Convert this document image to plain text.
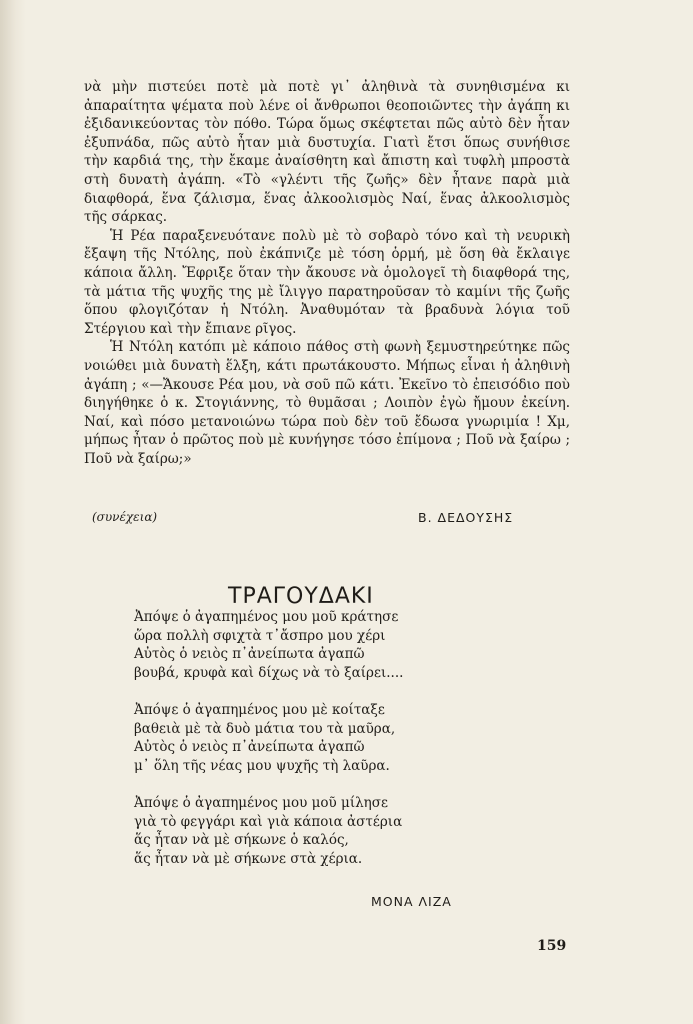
νὰ μὴν πιστεύει ποτὲ μὰ ποτὲ γι᾿ ἀληθινὰ τὰ συνηθισμένα κι ἀπαραίτητα ψέματα ποὺ λένε οἱ ἄνθρωποι θεοποιῶντες τὴν ἀγάπη κι ἐξιδανικεύοντας τὸν πόθο. Τώρα ὅμως σκέφτεται πῶς αὐτὸ δὲν ἦταν ἐξυπνάδα, πῶς αὐτὸ ἦταν μιὰ δυστυχία. Γιατὶ ἔτσι ὅπως συνήθισε τὴν καρδιά της, τὴν ἔκαμε ἀναίσθητη καὶ ἄπιστη καὶ τυφλὴ μπροστὰ στὴ δυνατὴ ἀγάπη. «Τὸ «γλέντι τῆς ζωῆς» δὲν ἦτανε παρὰ μιὰ διαφθορά, ἕνα ζάλισμα, ἕνας ἀλκοολισμὸς Ναί, ἕνας ἀλκοολισμὸς τῆς σάρκας.

Ἡ Ρέα παραξενευότανε πολὺ μὲ τὸ σοβαρὸ τόνο καὶ τὴ νευρικὴ ἔξαψη τῆς Ντόλης, ποὺ ἐκάπνιζε μὲ τόση ὁρμή, μὲ ὅση θὰ ἔκλαιγε κάποια ἄλλη. Ἔφριξε ὅταν τὴν ἄκουσε νὰ ὁμολογεῖ τὴ διαφθορά της, τὰ μάτια τῆς ψυχῆς της μὲ ἴλιγγο παρατηροῦσαν τὸ καμίνι τῆς ζωῆς ὅπου φλογιζόταν ἡ Ντόλη. Ἀναθυμόταν τὰ βραδυνὰ λόγια τοῦ Στέργιου καὶ τὴν ἔπιανε ρῖγος.

Ἡ Ντόλη κατόπι μὲ κάποιο πάθος στὴ φωνὴ ξεμυστηρεύτηκε πῶς νοιώθει μιὰ δυνατὴ ἕλξη, κάτι πρωτάκουστο. Μήπως εἶναι ἡ ἀληθινὴ ἀγάπη ; «—Ἄκουσε Ρέα μου, νὰ σοῦ πῶ κάτι. Ἐκεῖνο τὸ ἐπεισόδιο ποὺ διηγήθηκε ὁ κ. Στογιάννης, τὸ θυμᾶσαι ; Λοιπὸν ἐγὼ ἤμουν ἐκείνη. Ναί, καὶ πόσο μετανοιώνω τώρα ποὺ δὲν τοῦ ἔδωσα γνωριμία ! Χμ, μήπως ἦταν ὁ πρῶτος ποὺ μὲ κυνήγησε τόσο ἐπίμονα ; Ποῦ νὰ ξαίρω ; Ποῦ νὰ ξαίρω;»

(συνέχεια)	Β. ΔΕΔΟΥΣΗΣ
ΤΡΑΓΟΥΔΑΚΙ
Ἀπόψε ὁ ἀγαπημένος μου μοῦ κράτησε
ὥρα πολλὴ σφιχτὰ τ᾿ἄσπρο μου χέρι
Αὐτὸς ὁ νειὸς π᾿ἀνείπωτα ἀγαπῶ
βουβά, κρυφὰ καὶ δίχως νὰ τὸ ξαίρει....
Ἀπόψε ὁ ἀγαπημένος μου μὲ κοίταξε
βαθειὰ μὲ τὰ δυὸ μάτια του τὰ μαῦρα,
Αὐτὸς ὁ νειὸς π᾿ἀνείπωτα ἀγαπῶ
μ᾿ ὅλη τῆς νέας μου ψυχῆς τὴ λαῦρα.
Ἀπόψε ὁ ἀγαπημένος μου μοῦ μίλησε
γιὰ τὸ φεγγάρι καὶ γιὰ κάποια ἀστέρια
ἅς ἦταν νὰ μὲ σήκωνε ὁ καλός,
ἅς ἦταν νὰ μὲ σήκωνε στὰ χέρια.
ΜΟΝΑ ΛΙΖΑ
159
